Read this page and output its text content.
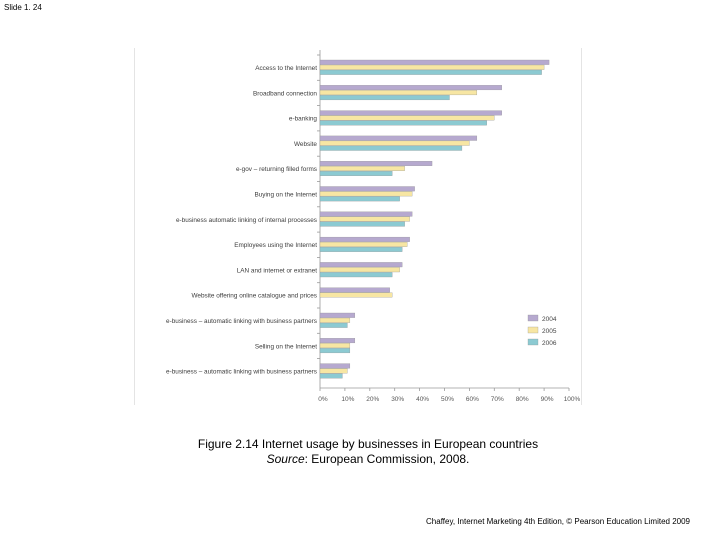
Slide 1. 24
0% 10% 20% 30% 40% 50% 60% 70% 80% 90% 100%
Access to the Internet
Broadband connection
e-banking
Website
e-gov – returning filled forms
Buying on the Internet
e-business automatic linking of internal processes
Employees using the Internet
LAN and internet or extranet
Website offering online catalogue and prices
e-business – automatic linking with business partners
Selling on the Internet
e-business – automatic linking with business partners
2004
2005
2006
Figure 2.14 Internet usage by businesses in European countries
Source: European Commission, 2008.
Chaffey, Internet Marketing 4th Edition, © Pearson Education Limited 2009
